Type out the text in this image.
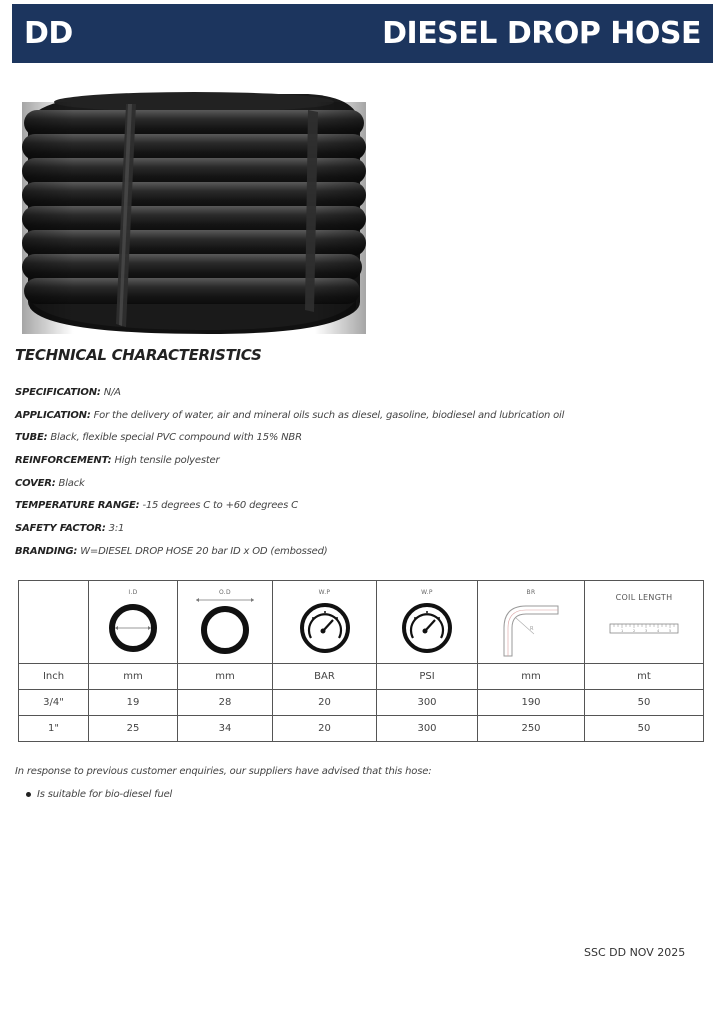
DD	DIESEL DROP HOSE
TECHNICAL CHARACTERISTICS
SPECIFICATION: N/A
APPLICATION: For the delivery of water, air and mineral oils such as diesel, gasoline, biodiesel and lubrication oil
TUBE: Black, flexible special PVC compound with 15% NBR
REINFORCEMENT: High tensile polyester
COVER: Black
TEMPERATURE RANGE: -15 degrees C to +60 degrees C
SAFETY FACTOR: 3:1
BRANDING: W=DIESEL DROP HOSE 20 bar ID x OD (embossed)

I.D	O.D	W.P	W.P	BR
R

COIL LENGTH
1	2	3	4	5

Inch	mm	mm	BAR	PSI	mm	mt
3/4"	19	28	20	300	190	50
1"	25	34	20	300	250	50
In response to previous customer enquiries, our suppliers have advised that this hose:
Is suitable for bio-diesel fuel
SSC DD NOV 2025
